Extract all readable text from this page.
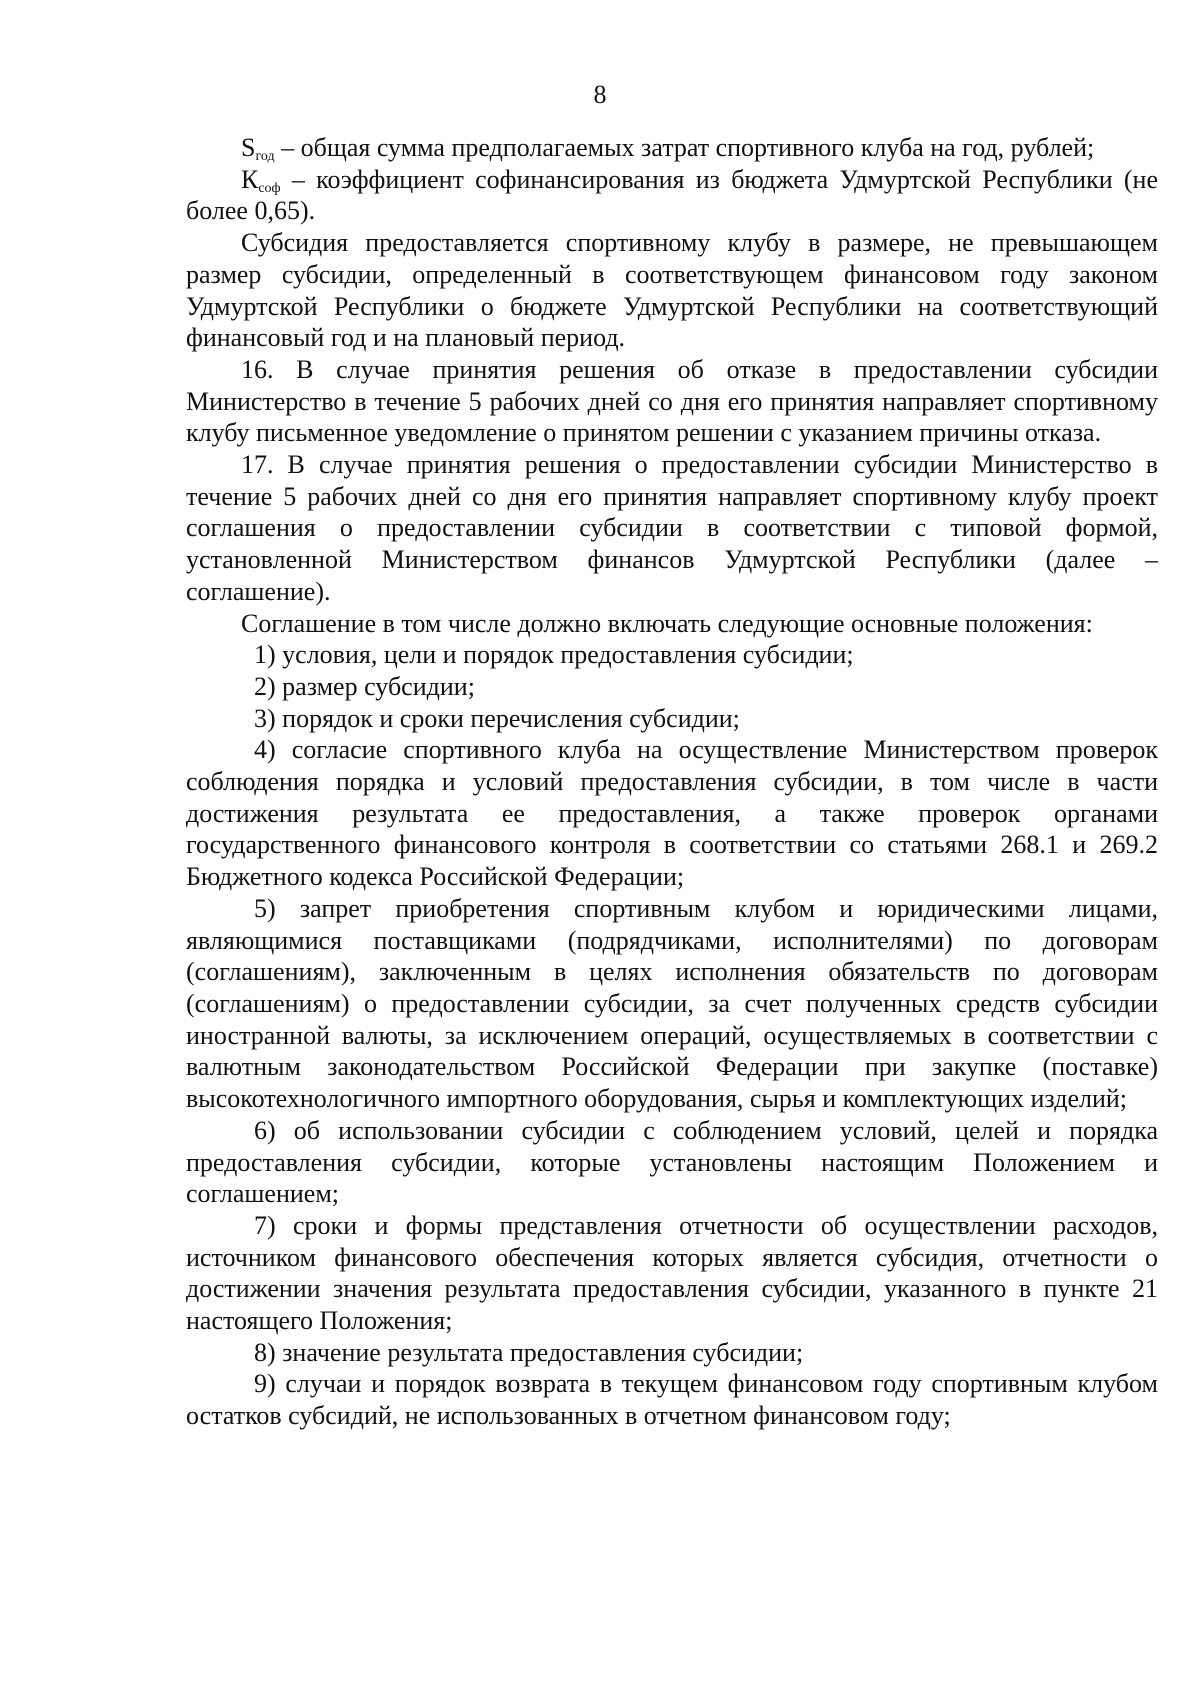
8

$S_{год}$ – общая сумма предполагаемых затрат спортивного клуба на год, рублей;

$К_{соф}$ – коэффициент софинансирования из бюджета Удмуртской Республики (не более 0,65).

Субсидия предоставляется спортивному клубу в размере, не превышающем размер субсидии, определенный в соответствующем финансовом году законом Удмуртской Республики о бюджете Удмуртской Республики на соответствующий финансовый год и на плановый период.

16. В случае принятия решения об отказе в предоставлении субсидии Министерство в течение 5 рабочих дней со дня его принятия направляет спортивному клубу письменное уведомление о принятом решении с указанием причины отказа.

17. В случае принятия решения о предоставлении субсидии Министерство в течение 5 рабочих дней со дня его принятия направляет спортивному клубу проект соглашения о предоставлении субсидии в соответствии с типовой формой, установленной Министерством финансов Удмуртской Республики (далее – соглашение).

Соглашение в том числе должно включать следующие основные положения:

1) условия, цели и порядок предоставления субсидии;

2) размер субсидии;

3) порядок и сроки перечисления субсидии;

4) согласие спортивного клуба на осуществление Министерством проверок соблюдения порядка и условий предоставления субсидии, в том числе в части достижения результата ее предоставления, а также проверок органами государственного финансового контроля в соответствии со статьями 268.1 и 269.2 Бюджетного кодекса Российской Федерации;

5) запрет приобретения спортивным клубом и юридическими лицами, являющимися поставщиками (подрядчиками, исполнителями) по договорам (соглашениям), заключенным в целях исполнения обязательств по договорам (соглашениям) о предоставлении субсидии, за счет полученных средств субсидии иностранной валюты, за исключением операций, осуществляемых в соответствии с валютным законодательством Российской Федерации при закупке (поставке) высокотехнологичного импортного оборудования, сырья и комплектующих изделий;

6) об использовании субсидии с соблюдением условий, целей и порядка предоставления субсидии, которые установлены настоящим Положением и соглашением;

7) сроки и формы представления отчетности об осуществлении расходов, источником финансового обеспечения которых является субсидия, отчетности о достижении значения результата предоставления субсидии, указанного в пункте 21 настоящего Положения;

8) значение результата предоставления субсидии;

9) случаи и порядок возврата в текущем финансовом году спортивным клубом остатков субсидий, не использованных в отчетном финансовом году;
